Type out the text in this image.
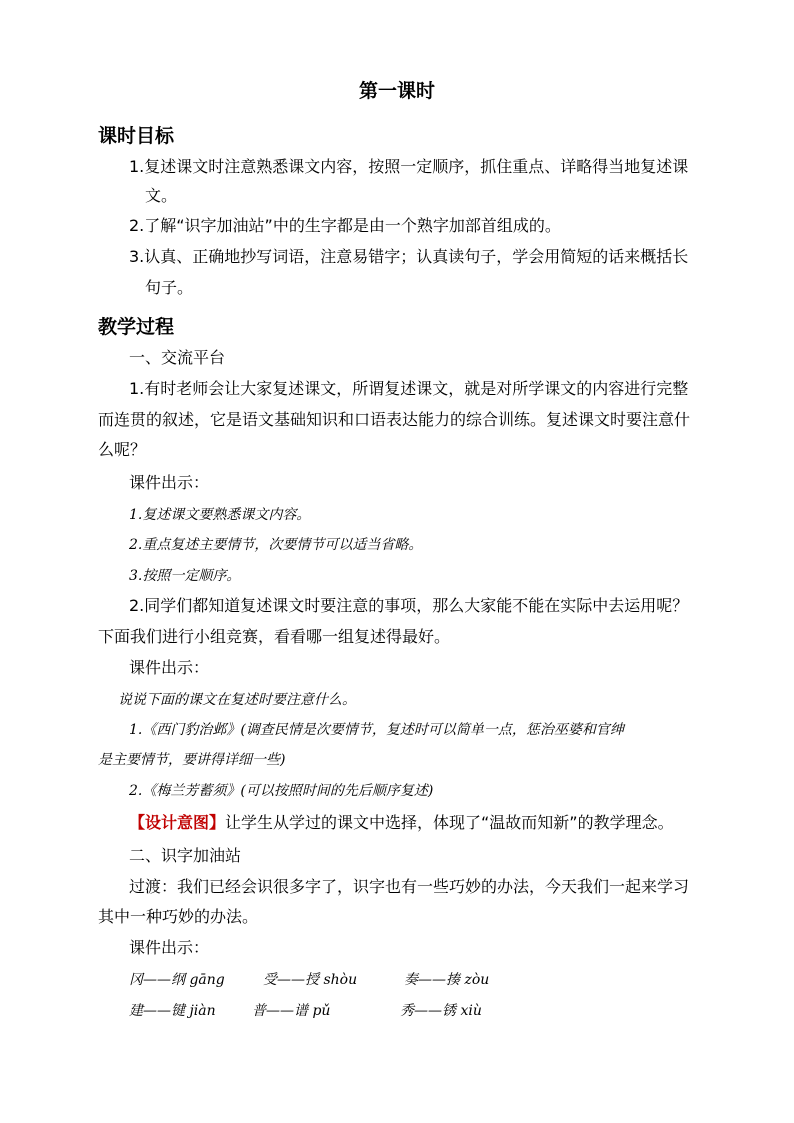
第一课时
课时目标
1.复述课文时注意熟悉课文内容，按照一定顺序，抓住重点、详略得当地复述课
文。
2.了解“识字加油站”中的生字都是由一个熟字加部首组成的。
3.认真、正确地抄写词语，注意易错字；认真读句子，学会用简短的话来概括长
句子。
教学过程
一、交流平台
1.有时老师会让大家复述课文，所谓复述课文，就是对所学课文的内容进行完整
而连贯的叙述，它是语文基础知识和口语表达能力的综合训练。复述课文时要注意什
么呢？
课件出示：
1.复述课文要熟悉课文内容。
2.重点复述主要情节，次要情节可以适当省略。
3.按照一定顺序。
2.同学们都知道复述课文时要注意的事项，那么大家能不能在实际中去运用呢？
下面我们进行小组竞赛，看看哪一组复述得最好。
课件出示：
说说下面的课文在复述时要注意什么。
1.《西门豹治邺》(调查民情是次要情节，复述时可以简单一点，惩治巫婆和官绅
是主要情节，要讲得详细一些)
2.《梅兰芳蓄须》(可以按照时间的先后顺序复述)
【设计意图】让学生从学过的课文中选择，体现了“温故而知新”的教学理念。
二、识字加油站
过渡：我们已经会识很多字了，识字也有一些巧妙的办法，今天我们一起来学习
其中一种巧妙的办法。
课件出示：
冈——纲 gāng	受——授 shòu	奏——揍 zòu
建——键 jiàn	普——谱 pǔ	秀——锈 xiù
